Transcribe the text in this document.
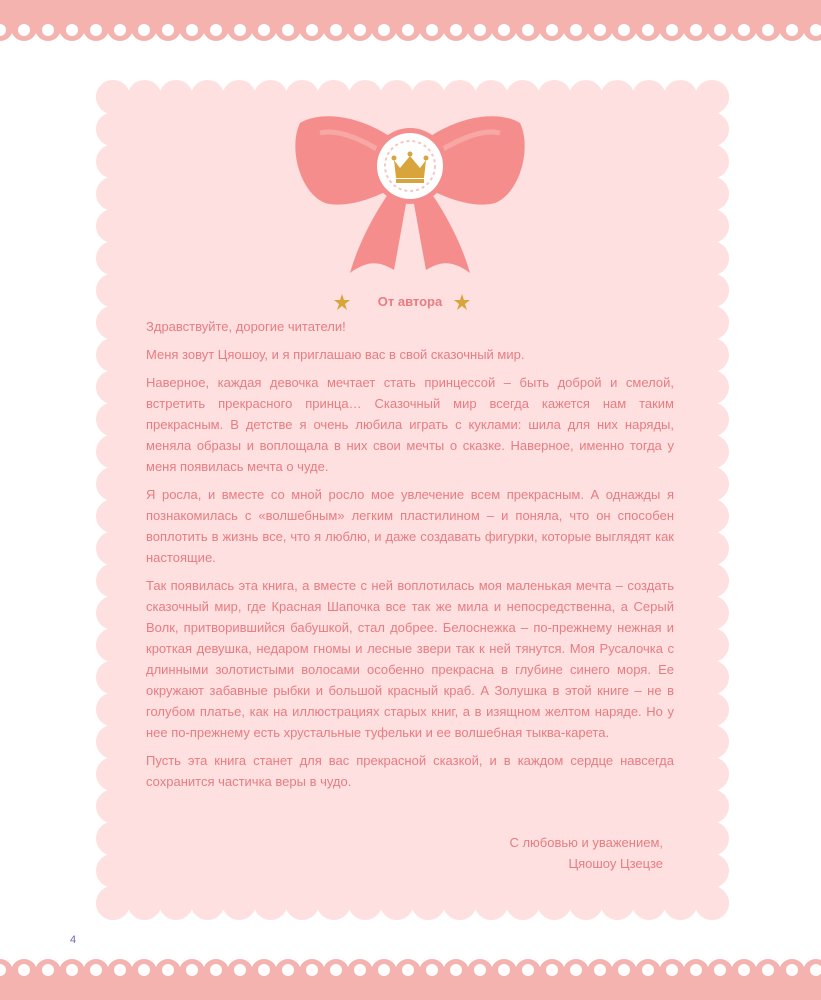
От автора

Здравствуйте, дорогие читатели!

Меня зовут Цяошоу, и я приглашаю вас в свой сказочный мир.

Наверное, каждая девочка мечтает стать принцессой – быть доброй и смелой, встретить прекрасного принца… Сказочный мир всегда кажется нам таким прекрасным. В детстве я очень любила играть с куклами: шила для них наряды, меняла образы и воплощала в них свои мечты о сказке. Наверное, именно тогда у меня появилась мечта о чуде.

Я росла, и вместе со мной росло мое увлечение всем прекрасным. А однажды я познакомилась с «волшебным» легким пластилином – и поняла, что он способен воплотить в жизнь все, что я люблю, и даже создавать фигурки, которые выглядят как настоящие.

Так появилась эта книга, а вместе с ней воплотилась моя маленькая мечта – создать сказочный мир, где Красная Шапочка все так же мила и непосредственна, а Серый Волк, притворившийся бабушкой, стал добрее. Белоснежка – по-прежнему нежная и кроткая девушка, недаром гномы и лесные звери так к ней тянутся. Моя Русалочка с длинными золотистыми волосами особенно прекрасна в глубине синего моря. Ее окружают забавные рыбки и большой красный краб. А Золушка в этой книге – не в голубом платье, как на иллюстрациях старых книг, а в изящном желтом наряде. Но у нее по-прежнему есть хрустальные туфельки и ее волшебная тыква-карета.

Пусть эта книга станет для вас прекрасной сказкой, и в каждом сердце навсегда сохранится частичка веры в чудо.

С любовью и уважением,
Цяошоу Цзецзе
4
